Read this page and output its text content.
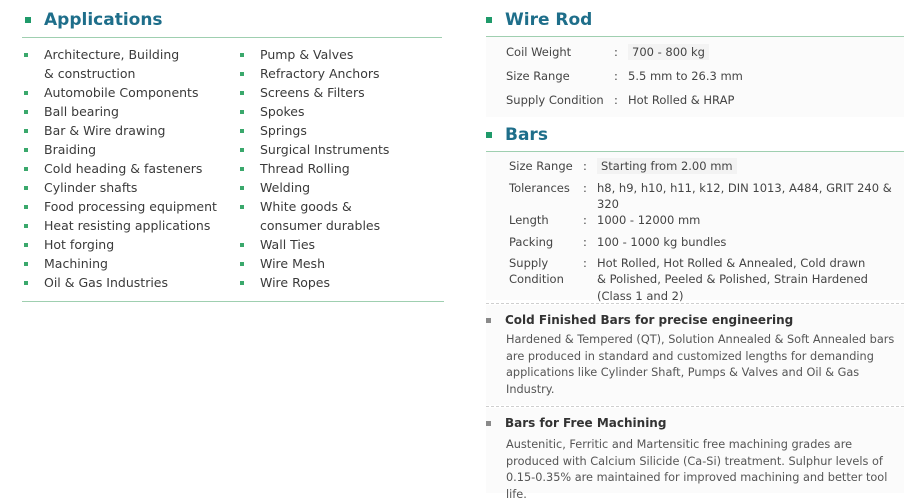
Applications
Architecture, Building
& construction
Automobile Components
Ball bearing
Bar & Wire drawing
Braiding
Cold heading & fasteners
Cylinder shafts
Food processing equipment
Heat resisting applications
Hot forging
Machining
Oil & Gas Industries
Pump & Valves
Refractory Anchors
Screens & Filters
Spokes
Springs
Surgical Instruments
Thread Rolling
Welding
White goods &
consumer durables
Wall Ties
Wire Mesh
Wire Ropes
Wire Rod
Coil Weight	:	700 - 800 kg
Size Range	:	5.5 mm to 26.3 mm
Supply Condition	:	Hot Rolled & HRAP
Bars
Size Range	:	Starting from 2.00 mm
Tolerances	:	h8, h9, h10, h11, k12, DIN 1013, A484, GRIT 240 & 320
Length	:	1000 - 12000 mm
Packing	:	100 - 1000 kg bundles
Supply
Condition	:	Hot Rolled, Hot Rolled & Annealed, Cold drawn
& Polished, Peeled & Polished, Strain Hardened
(Class 1 and 2)
Cold Finished Bars for precise engineering
Hardened & Tempered (QT), Solution Annealed & Soft Annealed bars are produced in standard and customized lengths for demanding applications like Cylinder Shaft, Pumps & Valves and Oil & Gas Industry.
Bars for Free Machining
Austenitic, Ferritic and Martensitic free machining grades are produced with Calcium Silicide (Ca-Si) treatment. Sulphur levels of 0.15-0.35% are maintained for improved machining and better tool life.
